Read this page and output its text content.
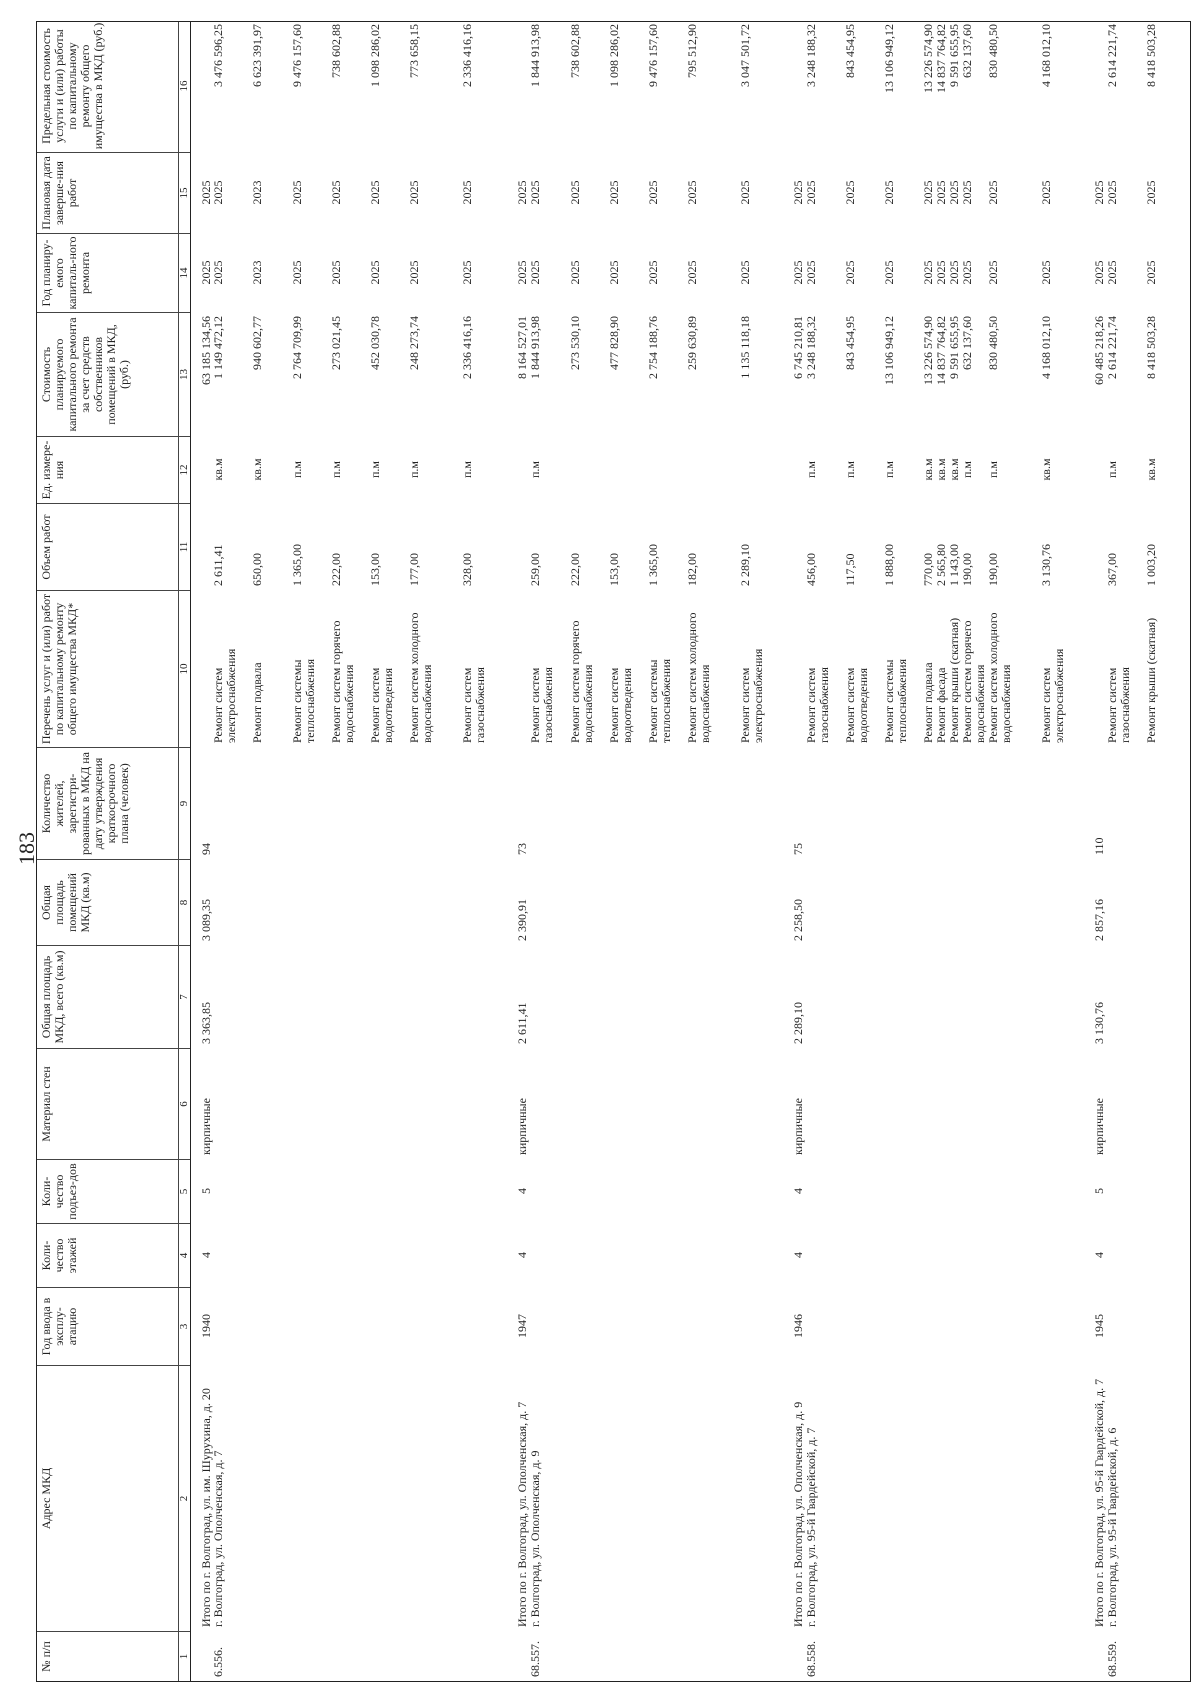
183
№ п/п
Адрес МКД
Год ввода в эксплу-атацию
Коли-чество этажей
Коли-чество подъез-дов
Материал стен
Общая площадь МКД, всего (кв.м)
Общая площадь помещений МКД (кв.м)
Количество жителей, зарегистри-рованных в МКД на дату утверждения краткосрочного плана (человек)
Перечень услуг и (или) работ по капитальному ремонту общего имущества МКД*
Объем работ
Ед. измере-ния
Стоимость планируемого капитального ремонта за счет средств собственников помещений в МКД, (руб.)
Год планиру-емого капиталь-ного ремонта
Плановая дата заверше-ния работ
Предельная стоимость услуги и (или) работы по капитальному ремонту общего имущества в МКД (руб.)
1
2
3
4
5
6
7
8
9
10
11
12
13
14
15
16
Итого по г. Волгоград, ул. им. Шурухина, д. 20
1940
4
5
кирпичные
3 363,85
3 089,35
94
63 185 134,56
2025
2025
6.556.
г. Волгоград, ул. Ополченская, д. 7
Ремонт систем электроснабжения
2 611,41
кв.м
1 149 472,12
2025
2025
3 476 596,25
Ремонт подвала
650,00
кв.м
940 602,77
2023
2023
6 623 391,97
Ремонт системы теплоснабжения
1 365,00
п.м
2 764 709,99
2025
2025
9 476 157,60
Ремонт систем горячего водоснабжения
222,00
п.м
273 021,45
2025
2025
738 602,88
Ремонт систем водоотведения
153,00
п.м
452 030,78
2025
2025
1 098 286,02
Ремонт систем холодного водоснабжения
177,00
п.м
248 273,74
2025
2025
773 658,15
Ремонт систем газоснабжения
328,00
п.м
2 336 416,16
2025
2025
2 336 416,16
Итого по г. Волгоград, ул. Ополченская, д. 7
1947
4
4
кирпичные
2 611,41
2 390,91
73
8 164 527,01
2025
2025
68.557.
г. Волгоград, ул. Ополченская, д. 9
Ремонт систем газоснабжения
259,00
п.м
1 844 913,98
2025
2025
1 844 913,98
Ремонт систем горячего водоснабжения
222,00
273 530,10
2025
2025
738 602,88
Ремонт систем водоотведения
153,00
477 828,90
2025
2025
1 098 286,02
Ремонт системы теплоснабжения
1 365,00
2 754 188,76
2025
2025
9 476 157,60
Ремонт систем холодного водоснабжения
182,00
259 630,89
2025
2025
795 512,90
Ремонт систем электроснабжения
2 289,10
1 135 118,18
2025
2025
3 047 501,72
Итого по г. Волгоград, ул. Ополченская, д. 9
1946
4
4
кирпичные
2 289,10
2 258,50
75
6 745 210,81
2025
2025
68.558.
г. Волгоград, ул. 95-й Гвардейской, д. 7
Ремонт систем газоснабжения
456,00
п.м
3 248 188,32
2025
2025
3 248 188,32
Ремонт систем водоотведения
117,50
п.м
843 454,95
2025
2025
843 454,95
Ремонт системы теплоснабжения
1 888,00
п.м
13 106 949,12
2025
2025
13 106 949,12
Ремонт подвала
770,00
кв.м
13 226 574,90
2025
2025
13 226 574,90
Ремонт фасада
2 565,80
кв.м
14 837 764,82
2025
2025
14 837 764,82
Ремонт крыши (скатная)
1 143,00
кв.м
9 591 655,95
2025
2025
9 591 655,95
Ремонт систем горячего водоснабжения
190,00
п.м
632 137,60
2025
2025
632 137,60
Ремонт систем холодного водоснабжения
190,00
п.м
830 480,50
2025
2025
830 480,50
Ремонт систем электроснабжения
3 130,76
кв.м
4 168 012,10
2025
2025
4 168 012,10
Итого по г. Волгоград, ул. 95-й Гвардейской, д. 7
1945
4
5
кирпичные
3 130,76
2 857,16
110
60 485 218,26
2025
2025
68.559.
г. Волгоград, ул. 95-й Гвардейской, д. 6
Ремонт систем газоснабжения
367,00
п.м
2 614 221,74
2025
2025
2 614 221,74
Ремонт крыши (скатная)
1 003,20
кв.м
8 418 503,28
2025
2025
8 418 503,28
